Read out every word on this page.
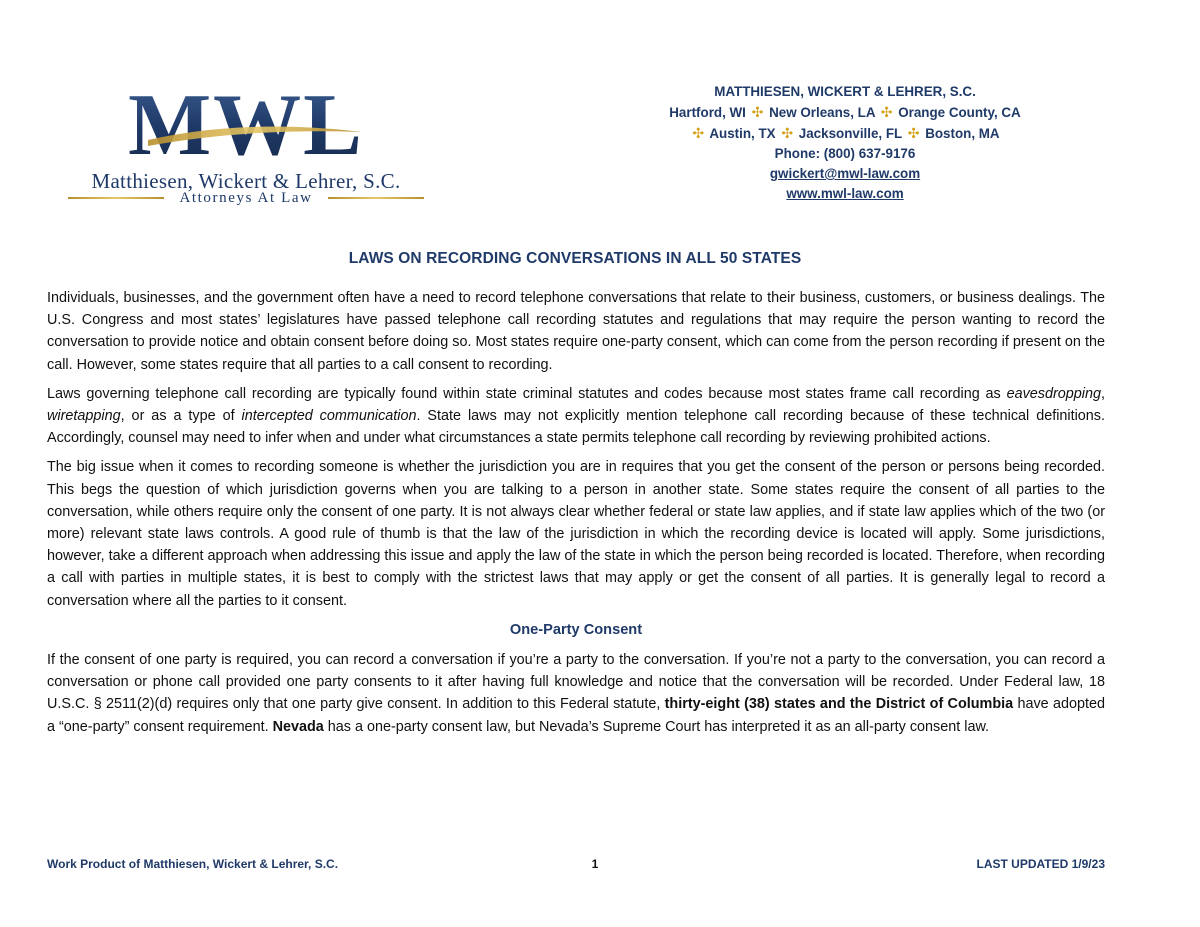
MWL
Matthiesen, Wickert & Lehrer, S.C.
Attorneys At Law
MATTHIESEN, WICKERT & LEHRER, S.C.
Hartford, WI ✣ New Orleans, LA ✣ Orange County, CA
✣ Austin, TX ✣ Jacksonville, FL ✣ Boston, MA
Phone: (800) 637-9176
gwickert@mwl-law.com
www.mwl-law.com
LAWS ON RECORDING CONVERSATIONS IN ALL 50 STATES

Individuals, businesses, and the government often have a need to record telephone conversations that relate to their business, customers, or business dealings. The U.S. Congress and most states’ legislatures have passed telephone call recording statutes and regulations that may require the person wanting to record the conversation to provide notice and obtain consent before doing so. Most states require one-party consent, which can come from the person recording if present on the call. However, some states require that all parties to a call consent to recording.

Laws governing telephone call recording are typically found within state criminal statutes and codes because most states frame call recording as eavesdropping, wiretapping, or as a type of intercepted communication. State laws may not explicitly mention telephone call recording because of these technical definitions. Accordingly, counsel may need to infer when and under what circumstances a state permits telephone call recording by reviewing prohibited actions.

The big issue when it comes to recording someone is whether the jurisdiction you are in requires that you get the consent of the person or persons being recorded. This begs the question of which jurisdiction governs when you are talking to a person in another state. Some states require the consent of all parties to the conversation, while others require only the consent of one party. It is not always clear whether federal or state law applies, and if state law applies which of the two (or more) relevant state laws controls. A good rule of thumb is that the law of the jurisdiction in which the recording device is located will apply. Some jurisdictions, however, take a different approach when addressing this issue and apply the law of the state in which the person being recorded is located. Therefore, when recording a call with parties in multiple states, it is best to comply with the strictest laws that may apply or get the consent of all parties. It is generally legal to record a conversation where all the parties to it consent.

One-Party Consent

If the consent of one party is required, you can record a conversation if you’re a party to the conversation. If you’re not a party to the conversation, you can record a conversation or phone call provided one party consents to it after having full knowledge and notice that the conversation will be recorded. Under Federal law, 18 U.S.C. § 2511(2)(d) requires only that one party give consent. In addition to this Federal statute, thirty-eight (38) states and the District of Columbia have adopted a “one-party” consent requirement. Nevada has a one-party consent law, but Nevada’s Supreme Court has interpreted it as an all-party consent law.

Work Product of Matthiesen, Wickert & Lehrer, S.C.	1	LAST UPDATED 1/9/23
